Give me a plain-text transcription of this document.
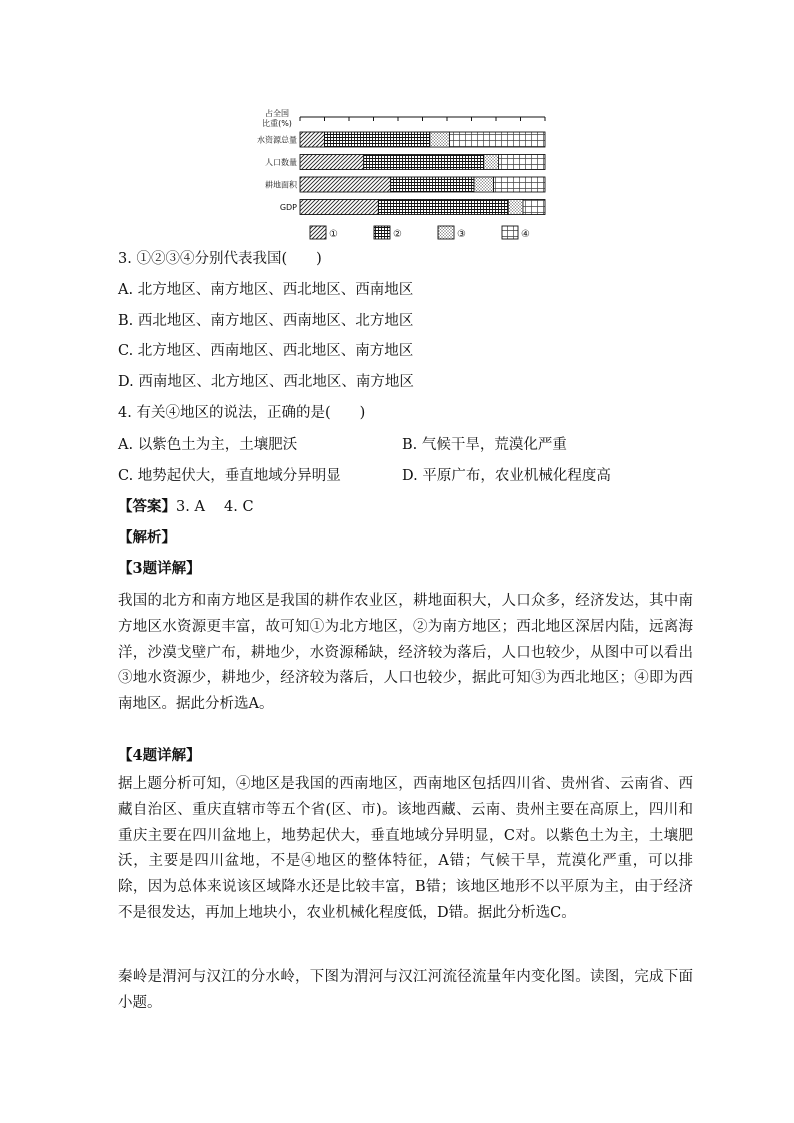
占全国
比重(%)
水资源总量
人口数量
耕地面积
GDP
①	②	③	④
3. ①②③④分别代表我国(　　)
A. 北方地区、南方地区、西北地区、西南地区
B. 西北地区、南方地区、西南地区、北方地区
C. 北方地区、西南地区、西北地区、南方地区
D. 西南地区、北方地区、西北地区、南方地区
4. 有关④地区的说法，正确的是(　　)
A. 以紫色土为主，土壤肥沃	B. 气候干旱，荒漠化严重
C. 地势起伏大，垂直地域分异明显	D. 平原广布，农业机械化程度高
【答案】3. A　 4. C
【解析】
【3题详解】
我国的北方和南方地区是我国的耕作农业区，耕地面积大，人口众多，经济发达，其中南方地区水资源更丰富，故可知①为北方地区，②为南方地区；西北地区深居内陆，远离海洋，沙漠戈壁广布，耕地少，水资源稀缺，经济较为落后，人口也较少，从图中可以看出③地水资源少，耕地少，经济较为落后，人口也较少，据此可知③为西北地区；④即为西南地区。据此分析选A。
【4题详解】
据上题分析可知，④地区是我国的西南地区，西南地区包括四川省、贵州省、云南省、西藏自治区、重庆直辖市等五个省(区、市)。该地西藏、云南、贵州主要在高原上，四川和重庆主要在四川盆地上，地势起伏大，垂直地域分异明显，C对。以紫色土为主，土壤肥沃，主要是四川盆地，不是④地区的整体特征，A错；气候干旱，荒漠化严重，可以排除，因为总体来说该区域降水还是比较丰富，B错；该地区地形不以平原为主，由于经济不是很发达，再加上地块小，农业机械化程度低，D错。据此分析选C。
秦岭是渭河与汉江的分水岭，下图为渭河与汉江河流径流量年内变化图。读图，完成下面小题。
